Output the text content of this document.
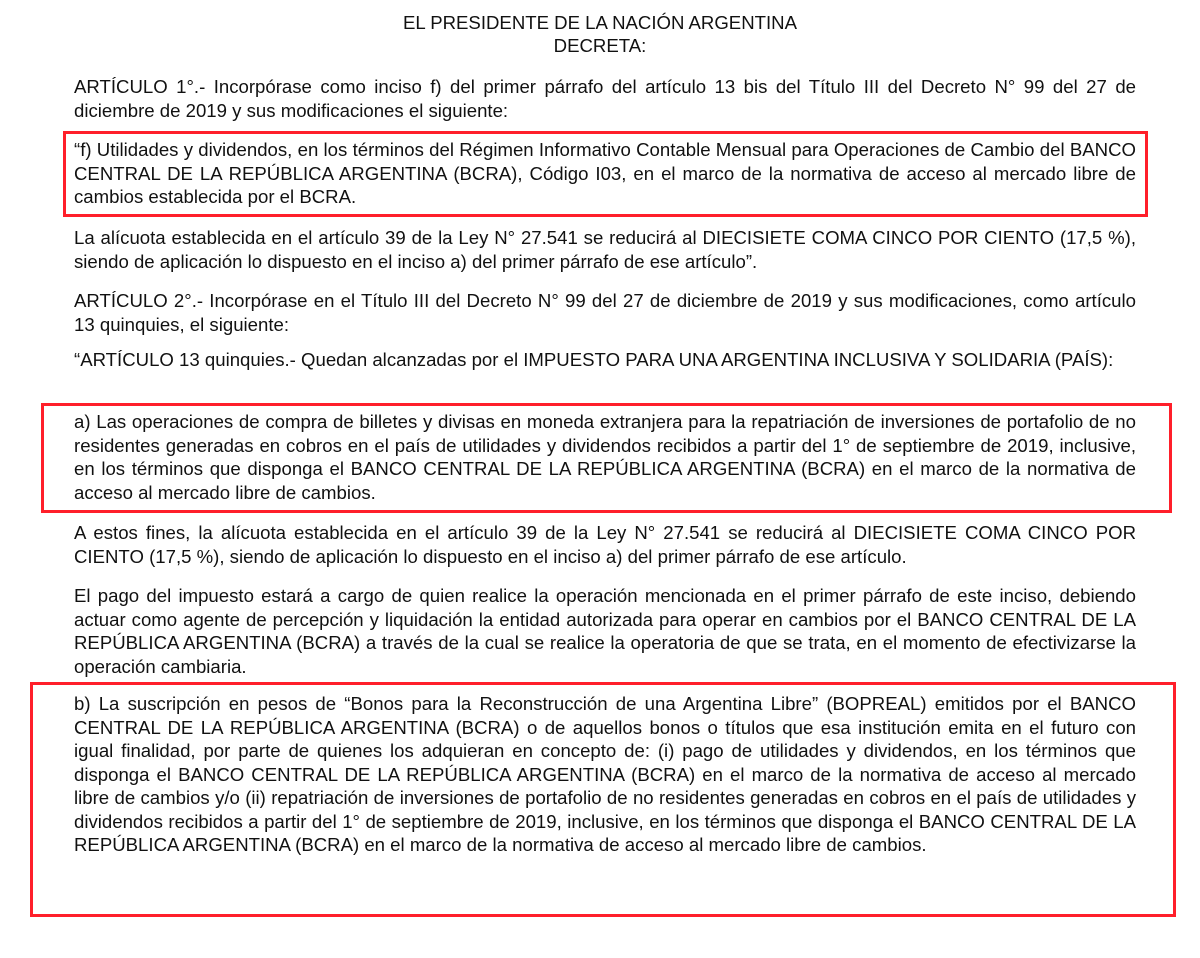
EL PRESIDENTE DE LA NACIÓN ARGENTINA
DECRETA:

ARTÍCULO 1°.- Incorpórase como inciso f) del primer párrafo del artículo 13 bis del Título III del Decreto N° 99 del 27 de diciembre de 2019 y sus modificaciones el siguiente:

“f) Utilidades y dividendos, en los términos del Régimen Informativo Contable Mensual para Operaciones de Cambio del BANCO CENTRAL DE LA REPÚBLICA ARGENTINA (BCRA), Código I03, en el marco de la normativa de acceso al mercado libre de cambios establecida por el BCRA.

La alícuota establecida en el artículo 39 de la Ley N° 27.541 se reducirá al DIECISIETE COMA CINCO POR CIENTO (17,5 %), siendo de aplicación lo dispuesto en el inciso a) del primer párrafo de ese artículo”.

ARTÍCULO 2°.- Incorpórase en el Título III del Decreto N° 99 del 27 de diciembre de 2019 y sus modificaciones, como artículo 13 quinquies, el siguiente:

“ARTÍCULO 13 quinquies.- Quedan alcanzadas por el IMPUESTO PARA UNA ARGENTINA INCLUSIVA Y SOLIDARIA (PAÍS):

a) Las operaciones de compra de billetes y divisas en moneda extranjera para la repatriación de inversiones de portafolio de no residentes generadas en cobros en el país de utilidades y dividendos recibidos a partir del 1° de septiembre de 2019, inclusive, en los términos que disponga el BANCO CENTRAL DE LA REPÚBLICA ARGENTINA (BCRA) en el marco de la normativa de acceso al mercado libre de cambios.

A estos fines, la alícuota establecida en el artículo 39 de la Ley N° 27.541 se reducirá al DIECISIETE COMA CINCO POR CIENTO (17,5 %), siendo de aplicación lo dispuesto en el inciso a) del primer párrafo de ese artículo.

El pago del impuesto estará a cargo de quien realice la operación mencionada en el primer párrafo de este inciso, debiendo actuar como agente de percepción y liquidación la entidad autorizada para operar en cambios por el BANCO CENTRAL DE LA REPÚBLICA ARGENTINA (BCRA) a través de la cual se realice la operatoria de que se trata, en el momento de efectivizarse la operación cambiaria.

b) La suscripción en pesos de “Bonos para la Reconstrucción de una Argentina Libre” (BOPREAL) emitidos por el BANCO CENTRAL DE LA REPÚBLICA ARGENTINA (BCRA) o de aquellos bonos o títulos que esa institución emita en el futuro con igual finalidad, por parte de quienes los adquieran en concepto de: (i) pago de utilidades y dividendos, en los términos que disponga el BANCO CENTRAL DE LA REPÚBLICA ARGENTINA (BCRA) en el marco de la normativa de acceso al mercado libre de cambios y/o (ii) repatriación de inversiones de portafolio de no residentes generadas en cobros en el país de utilidades y dividendos recibidos a partir del 1° de septiembre de 2019, inclusive, en los términos que disponga el BANCO CENTRAL DE LA REPÚBLICA ARGENTINA (BCRA) en el marco de la normativa de acceso al mercado libre de cambios.
